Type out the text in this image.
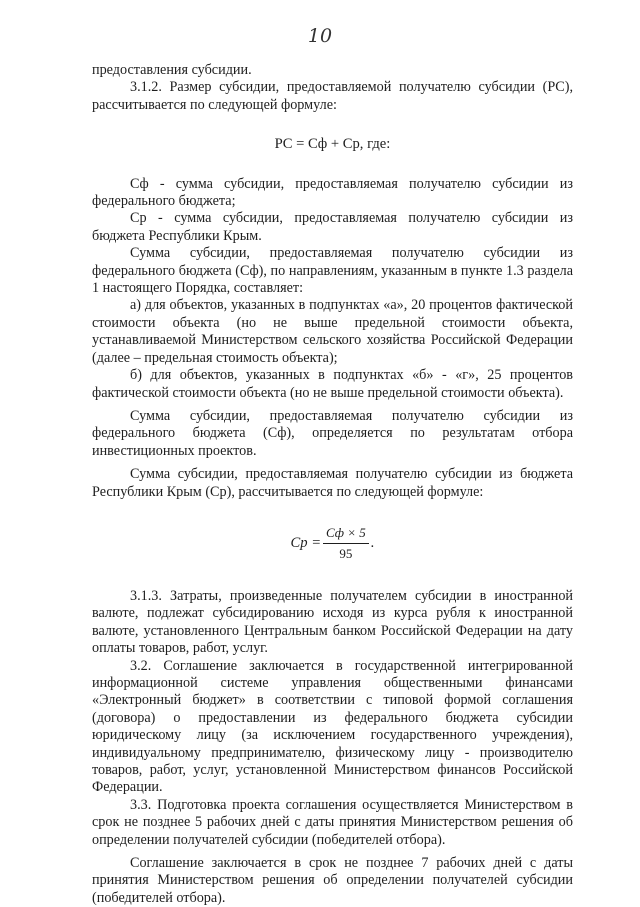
10

предоставления субсидии.

3.1.2. Размер субсидии, предоставляемой получателю субсидии (PC), рассчитывается по следующей формуле:

PC = Сф + Ср, где:

Сф - сумма субсидии, предоставляемая получателю субсидии из федерального бюджета;

Ср - сумма субсидии, предоставляемая получателю субсидии из бюджета Республики Крым.

Сумма субсидии, предоставляемая получателю субсидии из федерального бюджета (Сф), по направлениям, указанным в пункте 1.3 раздела 1 настоящего Порядка, составляет:

а) для объектов, указанных в подпунктах «а», 20 процентов фактической стоимости объекта (но не выше предельной стоимости объекта, устанавливаемой Министерством сельского хозяйства Российской Федерации (далее – предельная стоимость объекта);

б) для объектов, указанных в подпунктах «б» - «г», 25 процентов фактической стоимости объекта (но не выше предельной стоимости объекта).

Сумма субсидии, предоставляемая получателю субсидии из федерального бюджета (Сф), определяется по результатам отбора инвестиционных проектов.

Сумма субсидии, предоставляемая получателю субсидии из бюджета Республики Крым (Ср), рассчитывается по следующей формуле:

Ср = $\frac{Сф \times 5}{95}$ .

3.1.3. Затраты, произведенные получателем субсидии в иностранной валюте, подлежат субсидированию исходя из курса рубля к иностранной валюте, установленного Центральным банком Российской Федерации на дату оплаты товаров, работ, услуг.

3.2. Соглашение заключается в государственной интегрированной информационной системе управления общественными финансами «Электронный бюджет» в соответствии с типовой формой соглашения (договора) о предоставлении из федерального бюджета субсидии юридическому лицу (за исключением государственного учреждения), индивидуальному предпринимателю, физическому лицу - производителю товаров, работ, услуг, установленной Министерством финансов Российской Федерации.

3.3. Подготовка проекта соглашения осуществляется Министерством в срок не позднее 5 рабочих дней с даты принятия Министерством решения об определении получателей субсидии (победителей отбора).

Соглашение заключается в срок не позднее 7 рабочих дней с даты принятия Министерством решения об определении получателей субсидии (победителей отбора).
